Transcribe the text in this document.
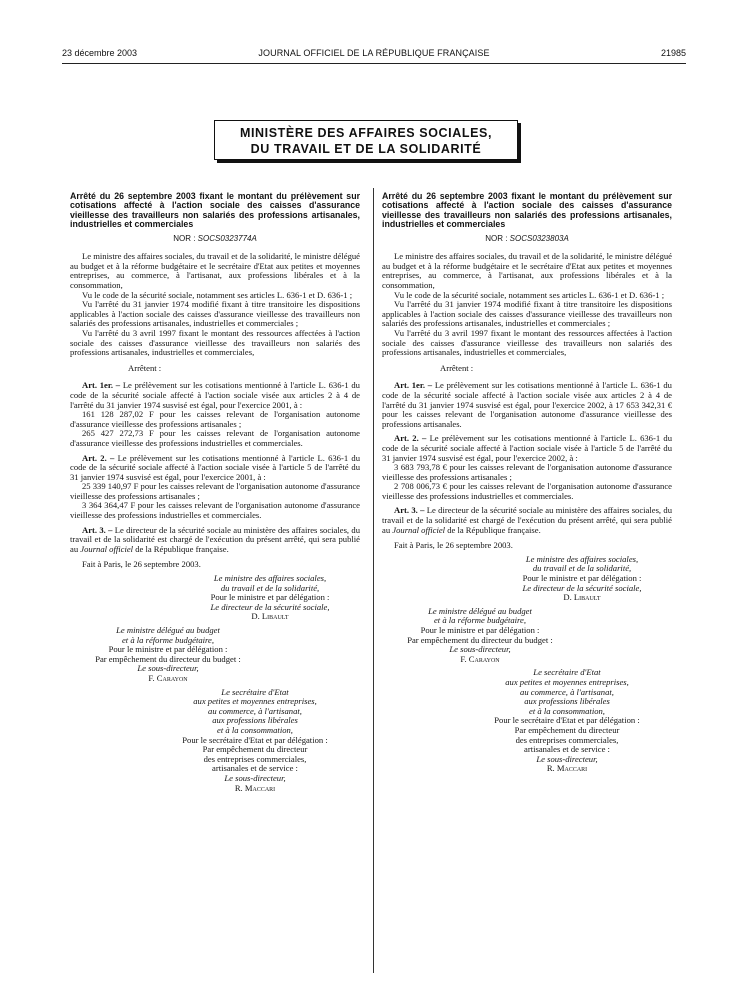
23 décembre 2003	JOURNAL OFFICIEL DE LA RÉPUBLIQUE FRANÇAISE	21985
MINISTÈRE DES AFFAIRES SOCIALES,
DU TRAVAIL ET DE LA SOLIDARITÉ

Arrêté du 26 septembre 2003 fixant le montant du prélèvement sur cotisations affecté à l'action sociale des caisses d'assurance vieillesse des travailleurs non salariés des professions artisanales, industrielles et commerciales

NOR : SOCS0323774A

Le ministre des affaires sociales, du travail et de la solidarité, le ministre délégué au budget et à la réforme budgétaire et le secrétaire d'Etat aux petites et moyennes entreprises, au commerce, à l'artisanat, aux professions libérales et à la consommation,

Vu le code de la sécurité sociale, notamment ses articles L. 636-1 et D. 636-1 ;

Vu l'arrêté du 31 janvier 1974 modifié fixant à titre transitoire les dispositions applicables à l'action sociale des caisses d'assurance vieillesse des travailleurs non salariés des professions artisanales, industrielles et commerciales ;

Vu l'arrêté du 3 avril 1997 fixant le montant des ressources affectées à l'action sociale des caisses d'assurance vieillesse des travailleurs non salariés des professions artisanales, industrielles et commerciales,

Arrêtent :

Art. 1er. – Le prélèvement sur les cotisations mentionné à l'article L. 636-1 du code de la sécurité sociale affecté à l'action sociale visée aux articles 2 à 4 de l'arrêté du 31 janvier 1974 susvisé est égal, pour l'exercice 2001, à :

161 128 287,02 F pour les caisses relevant de l'organisation autonome d'assurance vieillesse des professions artisanales ;

265 427 272,73 F pour les caisses relevant de l'organisation autonome d'assurance vieillesse des professions industrielles et commerciales.

Art. 2. – Le prélèvement sur les cotisations mentionné à l'article L. 636-1 du code de la sécurité sociale affecté à l'action sociale visée à l'article 5 de l'arrêté du 31 janvier 1974 susvisé est égal, pour l'exercice 2001, à :

25 339 140,97 F pour les caisses relevant de l'organisation autonome d'assurance vieillesse des professions artisanales ;

3 364 364,47 F pour les caisses relevant de l'organisation autonome d'assurance vieillesse des professions industrielles et commerciales.

Art. 3. – Le directeur de la sécurité sociale au ministère des affaires sociales, du travail et de la solidarité est chargé de l'exécution du présent arrêté, qui sera publié au Journal officiel de la République française.

Fait à Paris, le 26 septembre 2003.

Le ministre des affaires sociales,
du travail et de la solidarité,
Pour le ministre et par délégation :
Le directeur de la sécurité sociale,
D. Libault
Le ministre délégué au budget
et à la réforme budgétaire,
Pour le ministre et par délégation :
Par empêchement du directeur du budget :
Le sous-directeur,
F. Carayon
Le secrétaire d'Etat
aux petites et moyennes entreprises,
au commerce, à l'artisanat,
aux professions libérales
et à la consommation,
Pour le secrétaire d'Etat et par délégation :
Par empêchement du directeur
des entreprises commerciales,
artisanales et de service :
Le sous-directeur,
R. Maccari

Arrêté du 26 septembre 2003 fixant le montant du prélèvement sur cotisations affecté à l'action sociale des caisses d'assurance vieillesse des travailleurs non salariés des professions artisanales, industrielles et commerciales

NOR : SOCS0323803A

Le ministre des affaires sociales, du travail et de la solidarité, le ministre délégué au budget et à la réforme budgétaire et le secrétaire d'Etat aux petites et moyennes entreprises, au commerce, à l'artisanat, aux professions libérales et à la consommation,

Vu le code de la sécurité sociale, notamment ses articles L. 636-1 et D. 636-1 ;

Vu l'arrêté du 31 janvier 1974 modifié fixant à titre transitoire les dispositions applicables à l'action sociale des caisses d'assurance vieillesse des travailleurs non salariés des professions artisanales, industrielles et commerciales ;

Vu l'arrêté du 3 avril 1997 fixant le montant des ressources affectées à l'action sociale des caisses d'assurance vieillesse des travailleurs non salariés des professions artisanales, industrielles et commerciales,

Arrêtent :

Art. 1er. – Le prélèvement sur les cotisations mentionné à l'article L. 636-1 du code de la sécurité sociale affecté à l'action sociale visée aux articles 2 à 4 de l'arrêté du 31 janvier 1974 susvisé est égal, pour l'exercice 2002, à 17 653 342,31 € pour les caisses relevant de l'organisation autonome d'assurance vieillesse des professions artisanales.

Art. 2. – Le prélèvement sur les cotisations mentionné à l'article L. 636-1 du code de la sécurité sociale affecté à l'action sociale visée à l'article 5 de l'arrêté du 31 janvier 1974 susvisé est égal, pour l'exercice 2002, à :

3 683 793,78 € pour les caisses relevant de l'organisation autonome d'assurance vieillesse des professions artisanales ;

2 708 006,73 € pour les caisses relevant de l'organisation autonome d'assurance vieillesse des professions industrielles et commerciales.

Art. 3. – Le directeur de la sécurité sociale au ministère des affaires sociales, du travail et de la solidarité est chargé de l'exécution du présent arrêté, qui sera publié au Journal officiel de la République française.

Fait à Paris, le 26 septembre 2003.

Le ministre des affaires sociales,
du travail et de la solidarité,
Pour le ministre et par délégation :
Le directeur de la sécurité sociale,
D. Libault
Le ministre délégué au budget
et à la réforme budgétaire,
Pour le ministre et par délégation :
Par empêchement du directeur du budget :
Le sous-directeur,
F. Carayon
Le secrétaire d'Etat
aux petites et moyennes entreprises,
au commerce, à l'artisanat,
aux professions libérales
et à la consommation,
Pour le secrétaire d'Etat et par délégation :
Par empêchement du directeur
des entreprises commerciales,
artisanales et de service :
Le sous-directeur,
R. Maccari
